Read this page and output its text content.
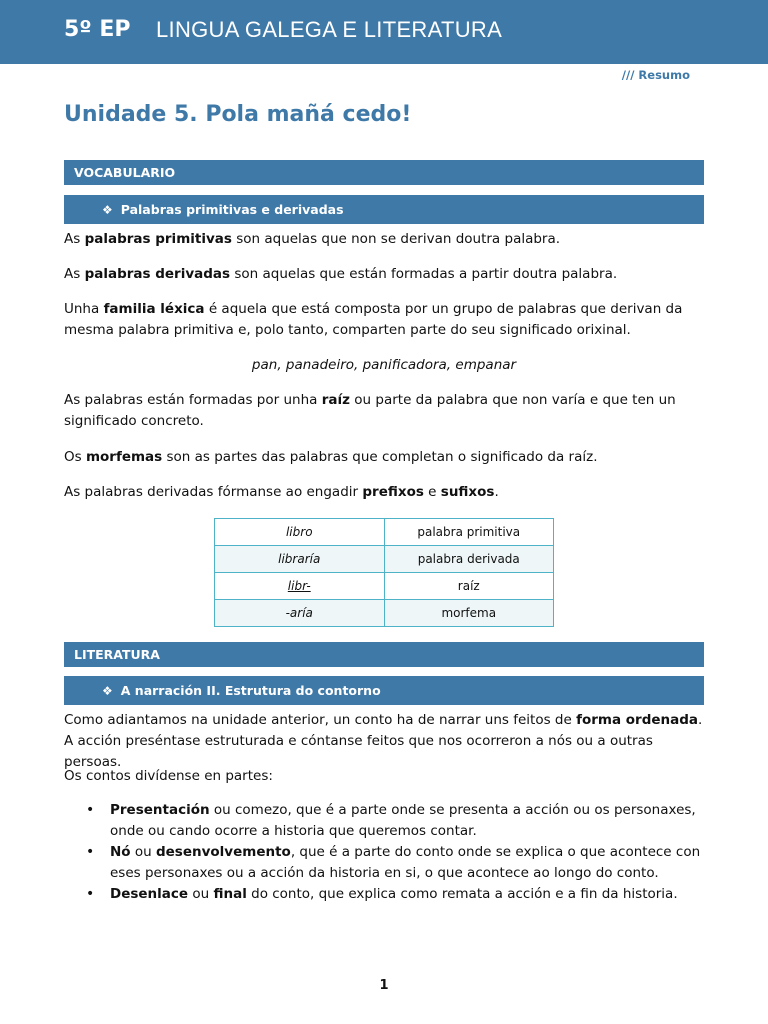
5º EP LINGUA GALEGA E LITERATURA
/// Resumo
Unidade 5. Pola mañá cedo!
VOCABULARIO
❖ Palabras primitivas e derivadas

As palabras primitivas son aquelas que non se derivan doutra palabra.

As palabras derivadas son aquelas que están formadas a partir doutra palabra.

Unha familia léxica é aquela que está composta por un grupo de palabras que derivan da mesma palabra primitiva e, polo tanto, comparten parte do seu significado orixinal.

pan, panadeiro, panificadora, empanar

As palabras están formadas por unha raíz ou parte da palabra que non varía e que ten un significado concreto.

Os morfemas son as partes das palabras que completan o significado da raíz.

As palabras derivadas fórmanse ao engadir prefixos e sufixos.

libro	palabra primitiva
libraría	palabra derivada
libr-	raíz
-aría	morfema
LITERATURA
❖ A narración II. Estrutura do contorno

Como adiantamos na unidade anterior, un conto ha de narrar uns feitos de forma ordenada. A acción preséntase estruturada e cóntanse feitos que nos ocorreron a nós ou a outras persoas.

Os contos divídense en partes:

• Presentación ou comezo, que é a parte onde se presenta a acción ou os personaxes, onde ou cando ocorre a historia que queremos contar.
• Nó ou desenvolvemento, que é a parte do conto onde se explica o que acontece con eses personaxes ou a acción da historia en si, o que acontece ao longo do conto.
• Desenlace ou final do conto, que explica como remata a acción e a fin da historia.
1
